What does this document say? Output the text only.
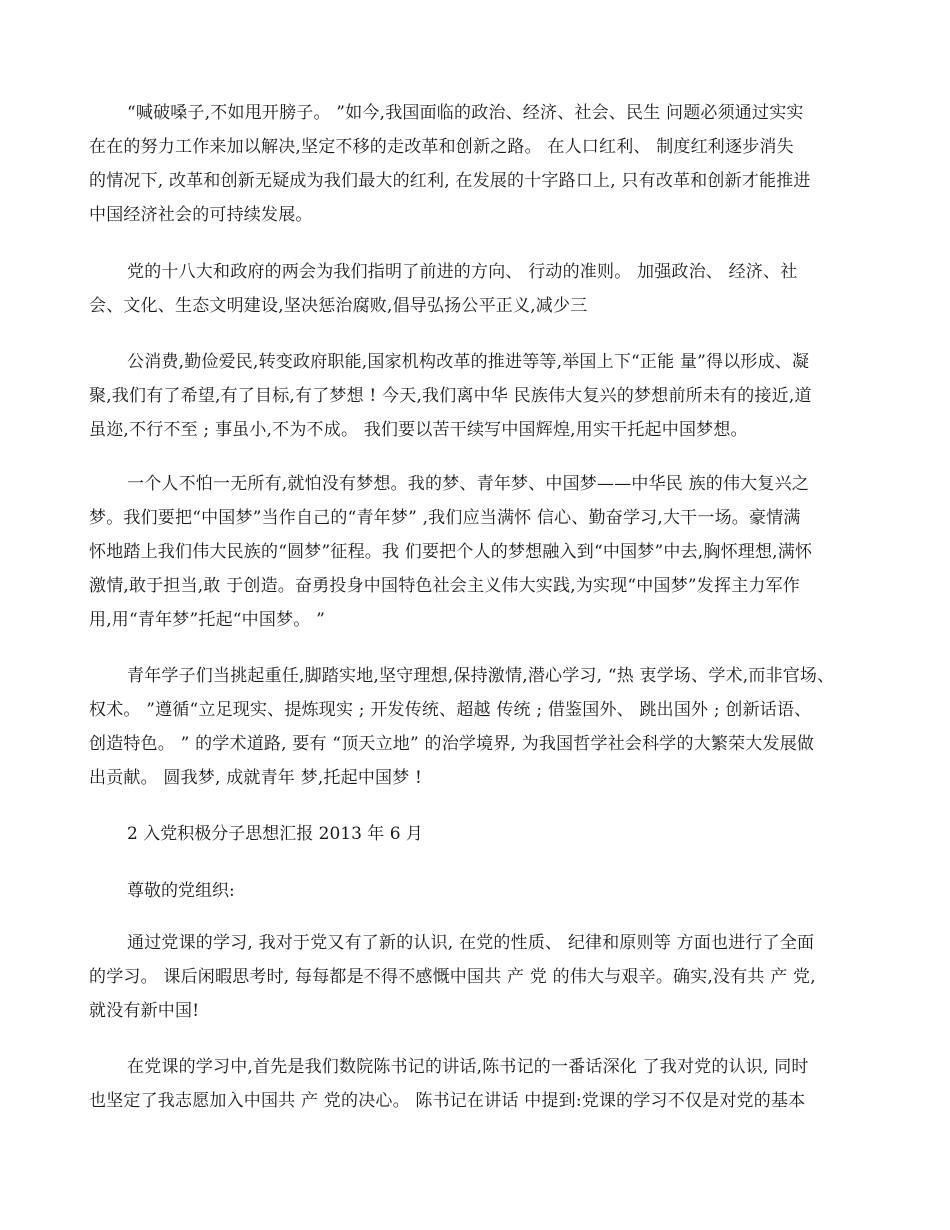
“喊破嗓子,不如甩开膀子。 ”如今,我国面临的政治、经济、社会、民生 问题必须通过实实
在在的努力工作来加以解决,坚定不移的走改革和创新之路。 在人口红利、 制度红利逐步消失
的情况下, 改革和创新无疑成为我们最大的红利, 在发展的十字路口上, 只有改革和创新才能推进
中国经济社会的可持续发展。

党的十八大和政府的两会为我们指明了前进的方向、 行动的准则。 加强政治、 经济、社
会、文化、生态文明建设,坚决惩治腐败,倡导弘扬公平正义,减少三

公消费,勤俭爱民,转变政府职能,国家机构改革的推进等等,举国上下“正能 量”得以形成、凝
聚,我们有了希望,有了目标,有了梦想 ! 今天,我们离中华 民族伟大复兴的梦想前所未有的接近,道
虽迩,不行不至 ; 事虽小,不为不成。 我们要以苦干续写中国辉煌,用实干托起中国梦想。

一个人不怕一无所有,就怕没有梦想。我的梦、青年梦、中国梦——中华民 族的伟大复兴之
梦。我们要把“中国梦”当作自己的“青年梦” ,我们应当满怀 信心、勤奋学习,大干一场。豪情满
怀地踏上我们伟大民族的“圆梦”征程。我 们要把个人的梦想融入到“中国梦”中去,胸怀理想,满怀
激情,敢于担当,敢 于创造。奋勇投身中国特色社会主义伟大实践,为实现“中国梦”发挥主力军作
用,用“青年梦”托起“中国梦。 ”

青年学子们当挑起重任,脚踏实地,坚守理想,保持激情,潜心学习, “热 衷学场、学术,而非官场、
权术。 ”遵循“立足现实、提炼现实 ; 开发传统、超越 传统 ; 借鉴国外、 跳出国外 ; 创新话语、
创造特色。 ” 的学术道路, 要有 “顶天立地” 的治学境界, 为我国哲学社会科学的大繁荣大发展做
出贡献。 圆我梦, 成就青年 梦,托起中国梦 !

2 入党积极分子思想汇报 2013 年 6 月

尊敬的党组织:

通过党课的学习, 我对于党又有了新的认识, 在党的性质、 纪律和原则等 方面也进行了全面
的学习。 课后闲暇思考时, 每每都是不得不感慨中国共 产 党 的伟大与艰辛。确实,没有共 产 党,
就没有新中国!

在党课的学习中,首先是我们数院陈书记的讲话,陈书记的一番话深化 了我对党的认识, 同时
也坚定了我志愿加入中国共 产 党的决心。 陈书记在讲话 中提到:党课的学习不仅是对党的基本
